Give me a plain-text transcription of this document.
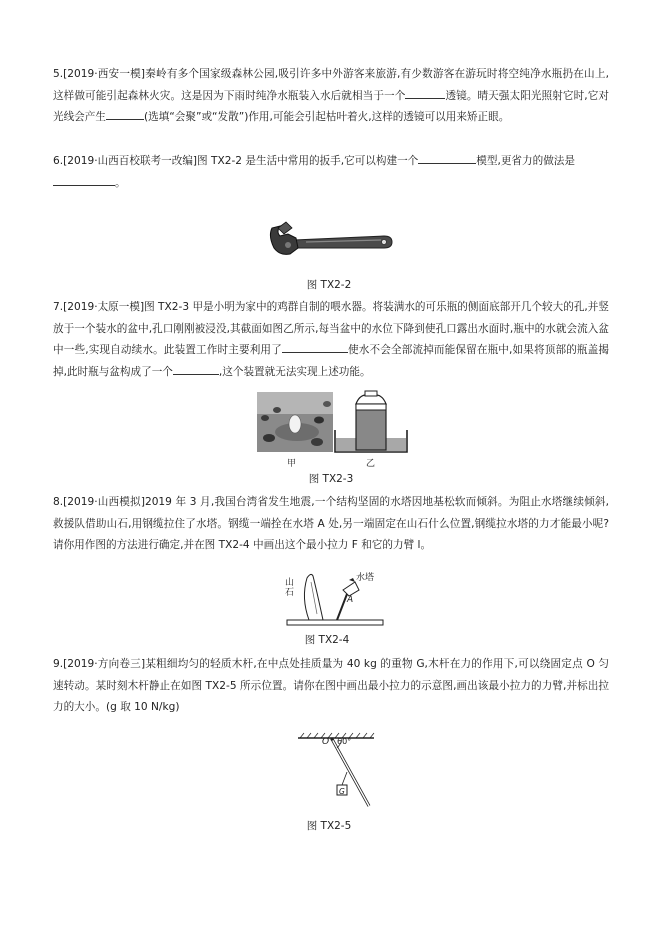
5.[2019·西安一模]秦岭有多个国家级森林公园,吸引许多中外游客来旅游,有少数游客在游玩时将空纯净水瓶扔在山上,这样做可能引起森林火灾。这是因为下雨时纯净水瓶装入水后就相当于一个	透镜。晴天强太阳光照射它时,它对光线会产生	(选填“会聚”或“发散”)作用,可能会引起枯叶着火,这样的透镜可以用来矫正眼。
6.[2019·山西百校联考一改编]图 TX2-2 是生活中常用的扳手,它可以构建一个	模型,更省力的做法是
。
图 TX2-2
7.[2019·太原一模]图 TX2-3 甲是小明为家中的鸡群自制的喂水器。将装满水的可乐瓶的侧面底部开几个较大的孔,并竖放于一个装水的盆中,孔口刚刚被浸没,其截面如图乙所示,每当盆中的水位下降到使孔口露出水面时,瓶中的水就会流入盆中一些,实现自动续水。此装置工作时主要利用了	使水不会全部流掉而能保留在瓶中,如果将顶部的瓶盖揭掉,此时瓶与盆构成了一个	,这个装置就无法实现上述功能。
甲	乙
图 TX2-3
8.[2019·山西模拟]2019 年 3 月,我国台湾省发生地震,一个结构坚固的水塔因地基松软而倾斜。为阻止水塔继续倾斜,救援队借助山石,用钢缆拉住了水塔。钢缆一端拴在水塔 A 处,另一端固定在山石什么位置,钢缆拉水塔的力才能最小呢?请你用作图的方法进行确定,并在图 TX2-4 中画出这个最小拉力 F 和它的力臂 l。
山
石
水塔
A
图 TX2-4
9.[2019·方向卷三]某粗细均匀的轻质木杆,在中点处挂质量为 40 kg 的重物 G,木杆在力的作用下,可以绕固定点 O 匀速转动。某时刻木杆静止在如图 TX2-5 所示位置。请你在图中画出最小拉力的示意图,画出该最小拉力的力臂,并标出拉力的大小。(g 取 10 N/kg)
O 60°
G
图 TX2-5
